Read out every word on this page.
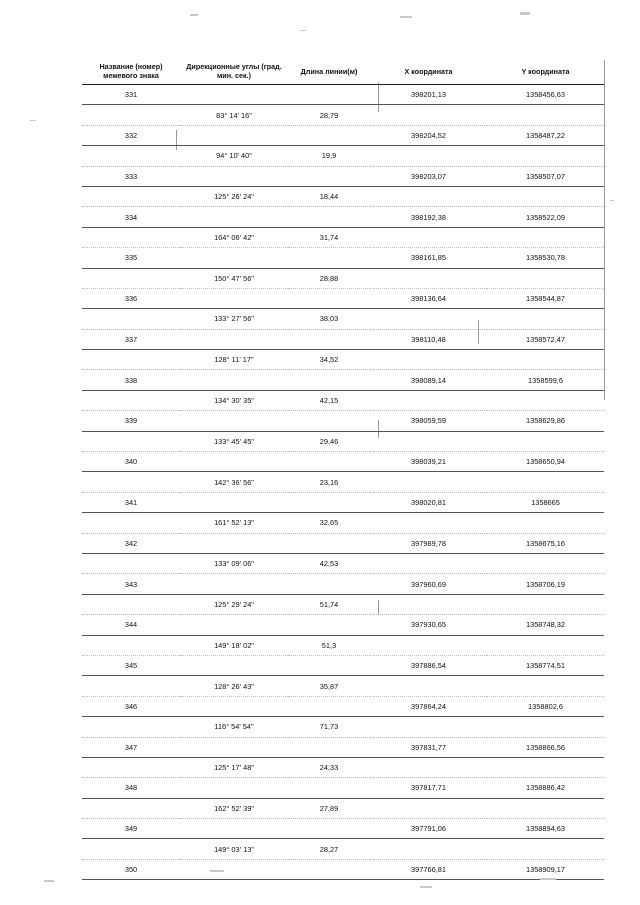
Название (номер) межевого знака	Дирекционные углы (град. мин. сек.)	Длина линии(м)	X координата	Y координата
331			398201,13	1358456,63
	83° 14' 16"	28,79		
332			398204,52	1358487,22
	94° 10' 40"	19,9		
333			398203,07	1358507,07
	125° 26' 24"	18,44		
334			398192,38	1358522,09
	164° 06' 42"	31,74		
335			398161,85	1358530,78
	150° 47' 56"	28,88		
336			398136,64	1358544,87
	133° 27' 56"	38,03		
337			398110,48	1358572,47
	128° 11' 17"	34,52		
338			398089,14	1358599,6
	134° 30' 35"	42,15		
339			398059,59	1358629,86
	133° 45' 45"	29,46		
340			398039,21	1358650,94
	142° 36' 56"	23,16		
341			398020,81	1358665
	161° 52' 13"	32,65		
342			397989,78	1358675,16
	133° 09' 06"	42,53		
343			397960,69	1358706,19
	125° 29' 24"	51,74		
344			397930,65	1358748,32
	149° 18' 02"	51,3		
345			397886,54	1358774,51
	128° 26' 43"	35,87		
346			397864,24	1358802,6
	116° 54' 54"	71,73		
347			397831,77	1358866,56
	125° 17' 48"	24,33		
348			397817,71	1358886,42
	162° 52' 39"	27,89		
349			397791,06	1358894,63
	149° 03' 13"	28,27		
350			397766,81	1358909,17
